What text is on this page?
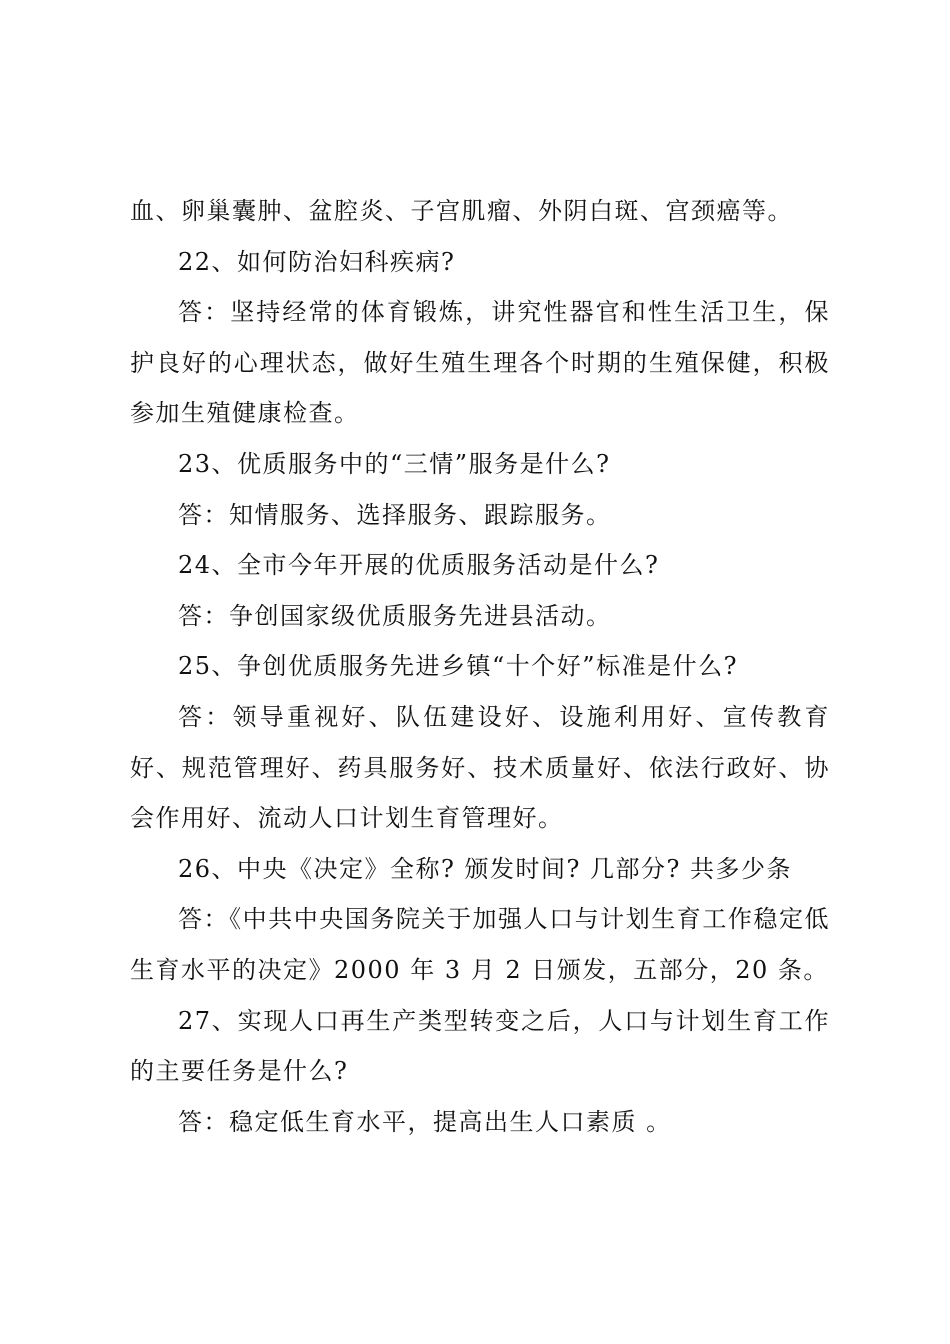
血、卵巢囊肿、盆腔炎、子宫肌瘤、外阴白斑、宫颈癌等。

22、如何防治妇科疾病?

答：坚持经常的体育锻炼，讲究性器官和性生活卫生，保护良好的心理状态，做好生殖生理各个时期的生殖保健，积极参加生殖健康检查。

23、优质服务中的“三情”服务是什么?

答：知情服务、选择服务、跟踪服务。

24、全市今年开展的优质服务活动是什么?

答：争创国家级优质服务先进县活动。

25、争创优质服务先进乡镇“十个好”标准是什么?

答：领导重视好、队伍建设好、设施利用好、宣传教育好、规范管理好、药具服务好、技术质量好、依法行政好、协会作用好、流动人口计划生育管理好。

26、中央《决定》全称? 颁发时间? 几部分? 共多少条

答：《中共中央国务院关于加强人口与计划生育工作稳定低生育水平的决定》2000 年 3 月 2 日颁发，五部分，20 条。

27、实现人口再生产类型转变之后，人口与计划生育工作的主要任务是什么?

答：稳定低生育水平，提高出生人口素质 。
